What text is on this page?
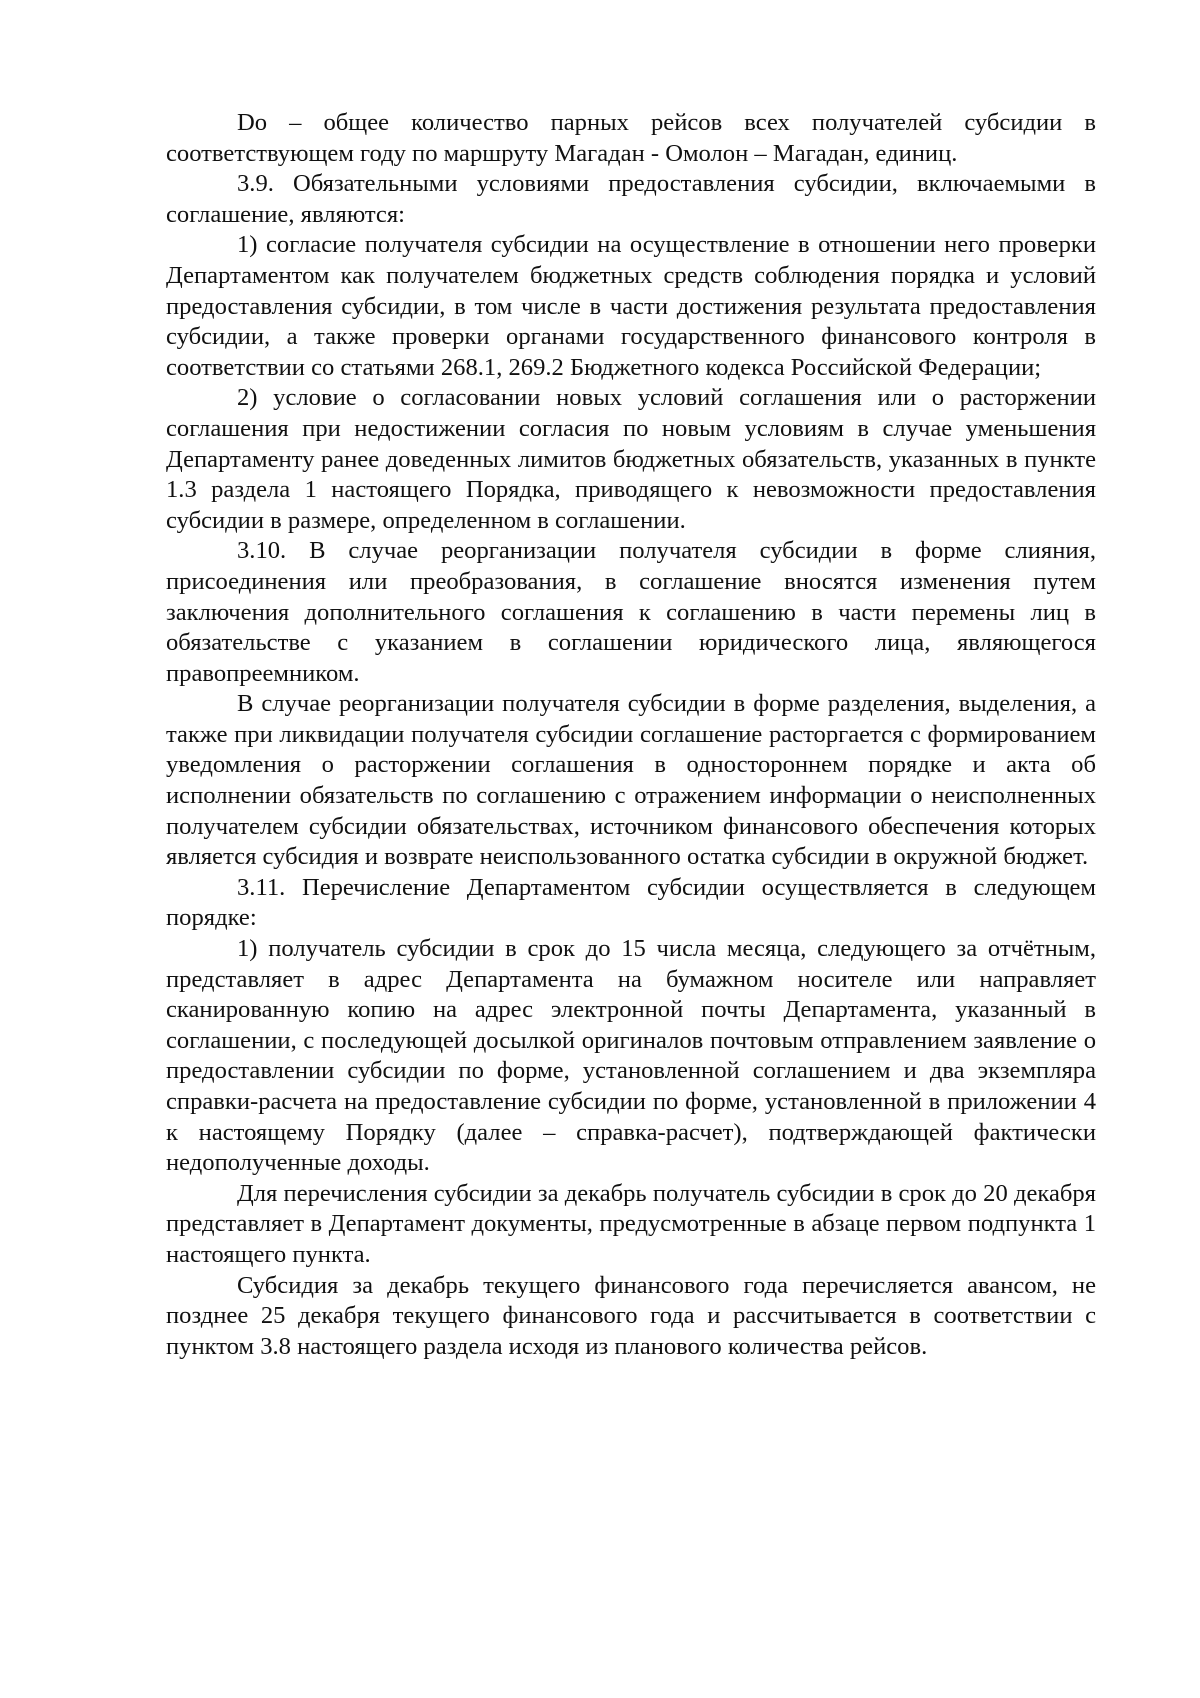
Do – общее количество парных рейсов всех получателей субсидии в соответствующем году по маршруту Магадан - Омолон – Магадан, единиц.

3.9. Обязательными условиями предоставления субсидии, включаемыми в соглашение, являются:

1) согласие получателя субсидии на осуществление в отношении него проверки Департаментом как получателем бюджетных средств соблюдения порядка и условий предоставления субсидии, в том числе в части достижения результата предоставления субсидии, а также проверки органами государственного финансового контроля в соответствии со статьями 268.1, 269.2 Бюджетного кодекса Российской Федерации;

2) условие о согласовании новых условий соглашения или о расторжении соглашения при недостижении согласия по новым условиям в случае уменьшения Департаменту ранее доведенных лимитов бюджетных обязательств, указанных в пункте 1.3 раздела 1 настоящего Порядка, приводящего к невозможности предоставления субсидии в размере, определенном в соглашении.

3.10. В случае реорганизации получателя субсидии в форме слияния, присоединения или преобразования, в соглашение вносятся изменения путем заключения дополнительного соглашения к соглашению в части перемены лиц в обязательстве с указанием в соглашении юридического лица, являющегося правопреемником.

В случае реорганизации получателя субсидии в форме разделения, выделения, а также при ликвидации получателя субсидии соглашение расторгается с формированием уведомления о расторжении соглашения в одностороннем порядке и акта об исполнении обязательств по соглашению с отражением информации о неисполненных получателем субсидии обязательствах, источником финансового обеспечения которых является субсидия и возврате неиспользованного остатка субсидии в окружной бюджет.

3.11. Перечисление Департаментом субсидии осуществляется в следующем порядке:

1) получатель субсидии в срок до 15 числа месяца, следующего за отчётным, представляет в адрес Департамента на бумажном носителе или направляет сканированную копию на адрес электронной почты Департамента, указанный в соглашении, с последующей досылкой оригиналов почтовым отправлением заявление о предоставлении субсидии по форме, установленной соглашением и два экземпляра справки-расчета на предоставление субсидии по форме, установленной в приложении 4 к настоящему Порядку (далее – справка-расчет), подтверждающей фактически недополученные доходы.

Для перечисления субсидии за декабрь получатель субсидии в срок до 20 декабря представляет в Департамент документы, предусмотренные в абзаце первом подпункта 1 настоящего пункта.

Субсидия за декабрь текущего финансового года перечисляется авансом, не позднее 25 декабря текущего финансового года и рассчитывается в соответствии с пунктом 3.8 настоящего раздела исходя из планового количества рейсов.
